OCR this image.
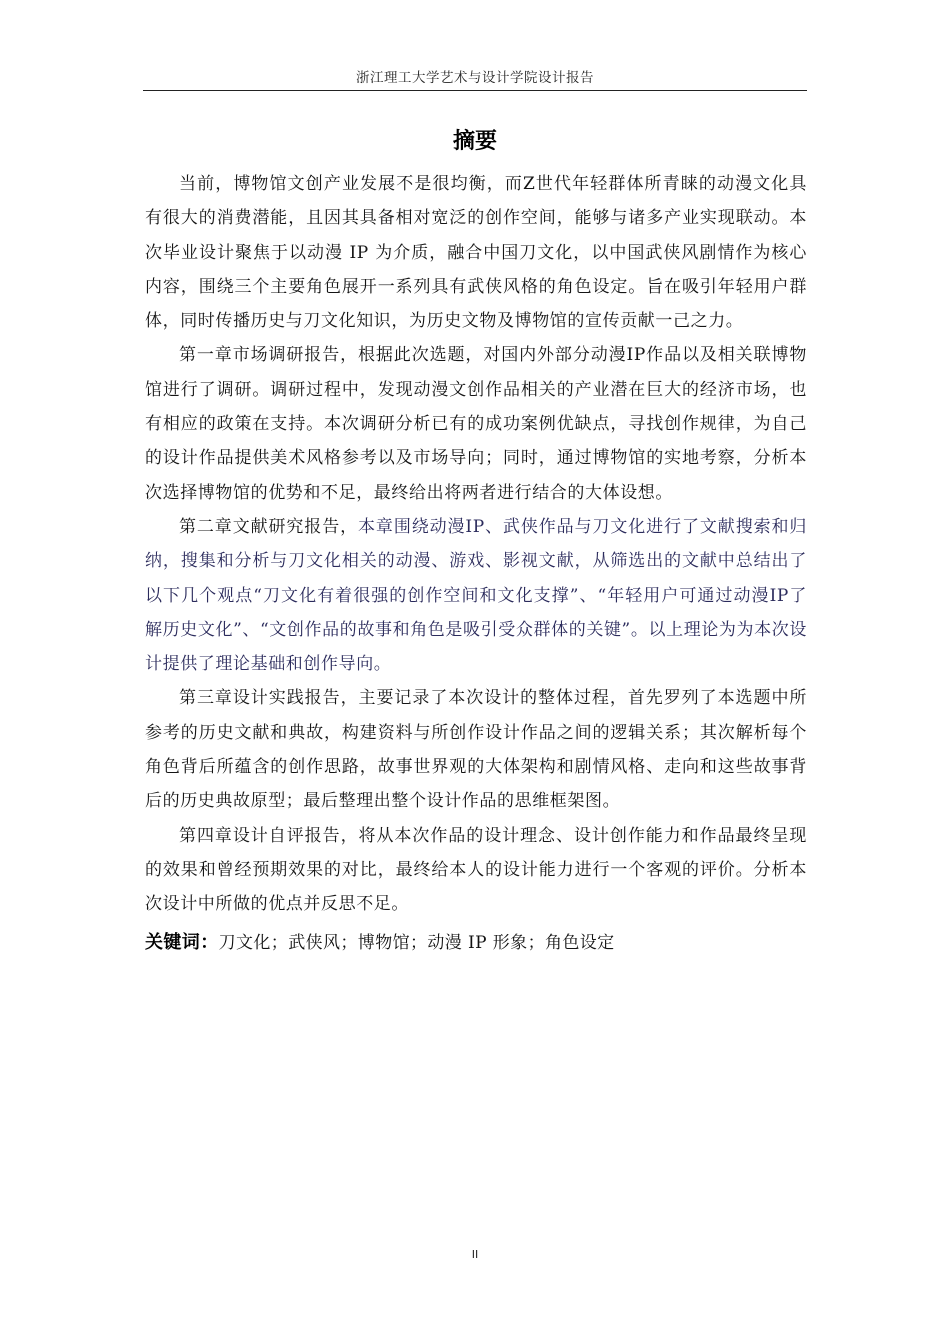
浙江理工大学艺术与设计学院设计报告
摘要

当前，博物馆文创产业发展不是很均衡，而Z世代年轻群体所青睐的动漫文化具有很大的消费潜能，且因其具备相对宽泛的创作空间，能够与诸多产业实现联动。本次毕业设计聚焦于以动漫 IP 为介质，融合中国刀文化，以中国武侠风剧情作为核心内容，围绕三个主要角色展开一系列具有武侠风格的角色设定。旨在吸引年轻用户群体，同时传播历史与刀文化知识，为历史文物及博物馆的宣传贡献一己之力。

第一章市场调研报告，根据此次选题，对国内外部分动漫IP作品以及相关联博物馆进行了调研。调研过程中，发现动漫文创作品相关的产业潜在巨大的经济市场，也有相应的政策在支持。本次调研分析已有的成功案例优缺点，寻找创作规律，为自己的设计作品提供美术风格参考以及市场导向；同时，通过博物馆的实地考察，分析本次选择博物馆的优势和不足，最终给出将两者进行结合的大体设想。

第二章文献研究报告，本章围绕动漫IP、武侠作品与刀文化进行了文献搜索和归纳，搜集和分析与刀文化相关的动漫、游戏、影视文献，从筛选出的文献中总结出了以下几个观点“刀文化有着很强的创作空间和文化支撑”、“年轻用户可通过动漫IP了解历史文化”、“文创作品的故事和角色是吸引受众群体的关键”。以上理论为为本次设计提供了理论基础和创作导向。

第三章设计实践报告，主要记录了本次设计的整体过程，首先罗列了本选题中所参考的历史文献和典故，构建资料与所创作设计作品之间的逻辑关系；其次解析每个角色背后所蕴含的创作思路，故事世界观的大体架构和剧情风格、走向和这些故事背后的历史典故原型；最后整理出整个设计作品的思维框架图。

第四章设计自评报告，将从本次作品的设计理念、设计创作能力和作品最终呈现的效果和曾经预期效果的对比，最终给本人的设计能力进行一个客观的评价。分析本次设计中所做的优点并反思不足。

关键词：刀文化；武侠风；博物馆；动漫 IP 形象；角色设定

II
